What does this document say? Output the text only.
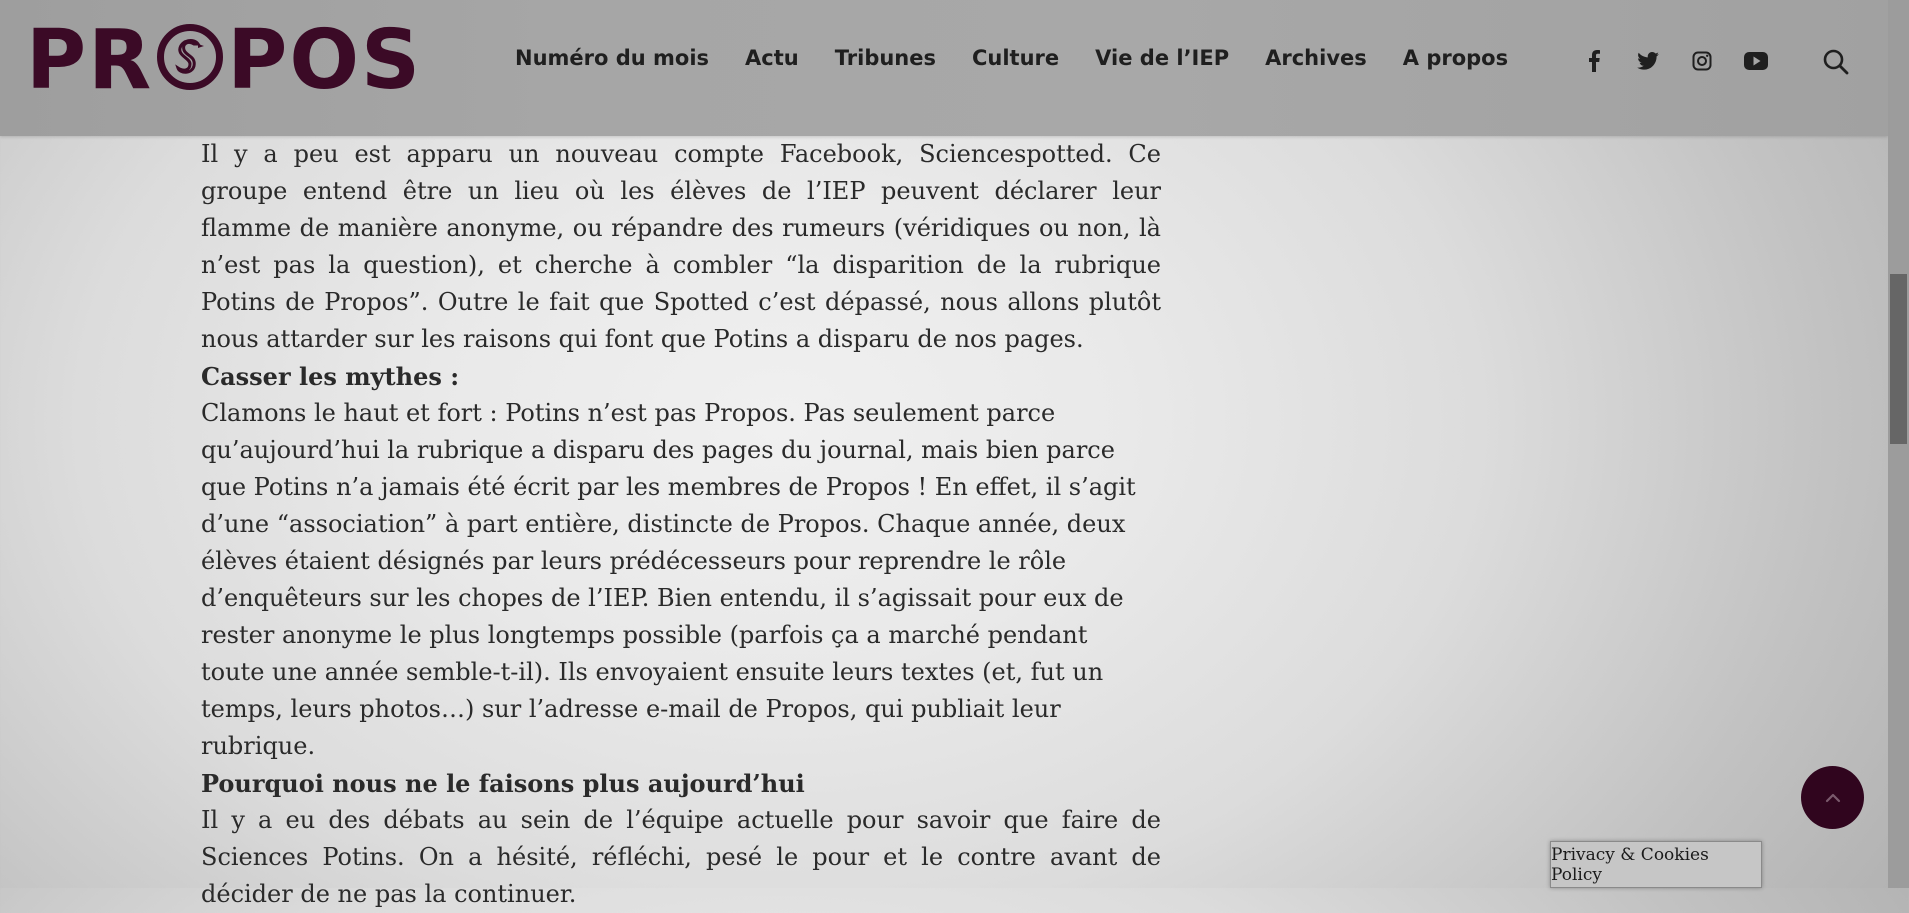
PR POS	Numéro du mois Actu Tribunes Culture Vie de l’IEP Archives A propos

Il y a peu est apparu un nouveau compte Facebook, Sciencespotted. Ce groupe entend être un lieu où les élèves de l’IEP peuvent déclarer leur flamme de manière anonyme, ou répandre des rumeurs (véridiques ou non, là n’est pas la question), et cherche à combler “la disparition de la rubrique Potins de Propos”. Outre le fait que Spotted c’est dépassé, nous allons plutôt nous attarder sur les raisons qui font que Potins a disparu de nos pages.

Casser les mythes :

Clamons le haut et fort : Potins n’est pas Propos. Pas seulement parce qu’aujourd’hui la rubrique a disparu des pages du journal, mais bien parce que Potins n’a jamais été écrit par les membres de Propos ! En effet, il s’agit d’une “association” à part entière, distincte de Propos. Chaque année, deux élèves étaient désignés par leurs prédécesseurs pour reprendre le rôle d’enquêteurs sur les chopes de l’IEP. Bien entendu, il s’agissait pour eux de rester anonyme le plus longtemps possible (parfois ça a marché pendant toute une année semble-t-il). Ils envoyaient ensuite leurs textes (et, fut un temps, leurs photos…) sur l’adresse e-mail de Propos, qui publiait leur rubrique.

Pourquoi nous ne le faisons plus aujourd’hui

Il y a eu des débats au sein de l’équipe actuelle pour savoir que faire de Sciences Potins. On a hésité, réfléchi, pesé le pour et le contre avant de décider de ne pas la continuer.

Privacy & Cookies Policy
